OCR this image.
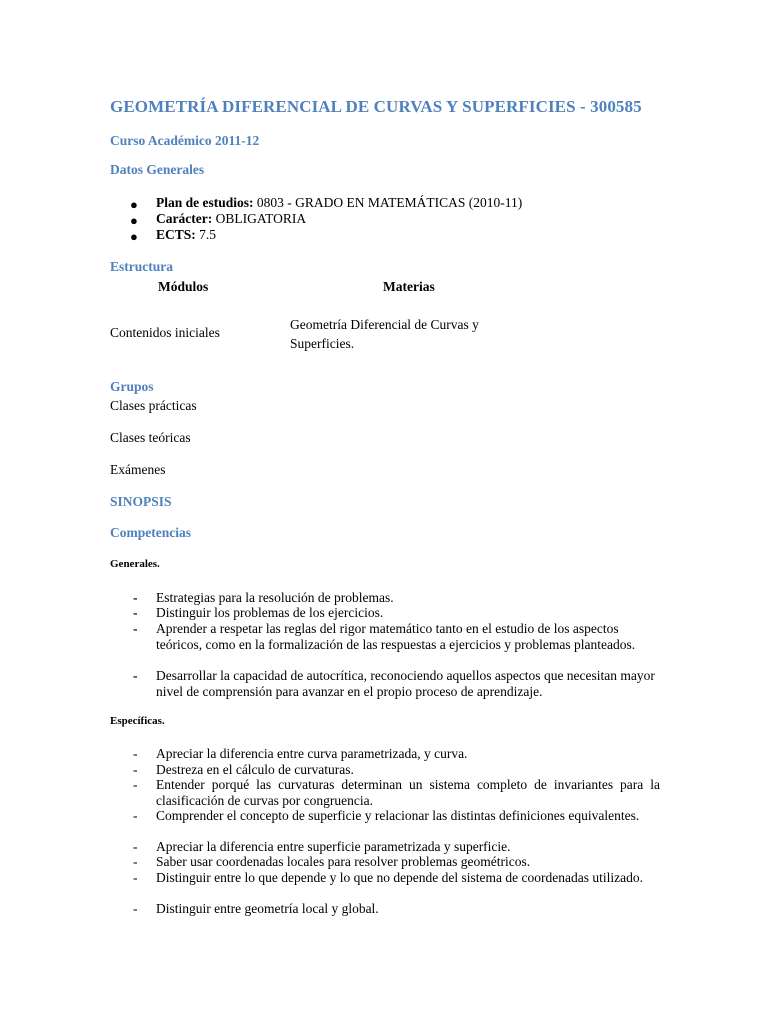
GEOMETRÍA DIFERENCIAL DE CURVAS Y SUPERFICIES - 300585
Curso Académico 2011-12
Datos Generales
● Plan de estudios: 0803 - GRADO EN MATEMÁTICAS (2010-11)
● Carácter: OBLIGATORIA
● ECTS: 7.5
Estructura
Módulos	Materias
Contenidos iniciales
Geometría Diferencial de Curvas y Superficies.
Grupos
Clases prácticas
Clases teóricas
Exámenes
SINOPSIS
Competencias
Generales.
- Estrategias para la resolución de problemas.
- Distinguir los problemas de los ejercicios.
- Aprender a respetar las reglas del rigor matemático tanto en el estudio de los aspectos teóricos, como en la formalización de las respuestas a ejercicios y problemas planteados.
- Desarrollar la capacidad de autocrítica, reconociendo aquellos aspectos que necesitan mayor nivel de comprensión para avanzar en el propio proceso de aprendizaje.
Específicas.
- Apreciar la diferencia entre curva parametrizada, y curva.
- Destreza en el cálculo de curvaturas.
- Entender porqué las curvaturas determinan un sistema completo de invariantes para la clasificación de curvas por congruencia.
- Comprender el concepto de superficie y relacionar las distintas definiciones equivalentes.
- Apreciar la diferencia entre superficie parametrizada y superficie.
- Saber usar coordenadas locales para resolver problemas geométricos.
- Distinguir entre lo que depende y lo que no depende del sistema de coordenadas utilizado.
- Distinguir entre geometría local y global.
